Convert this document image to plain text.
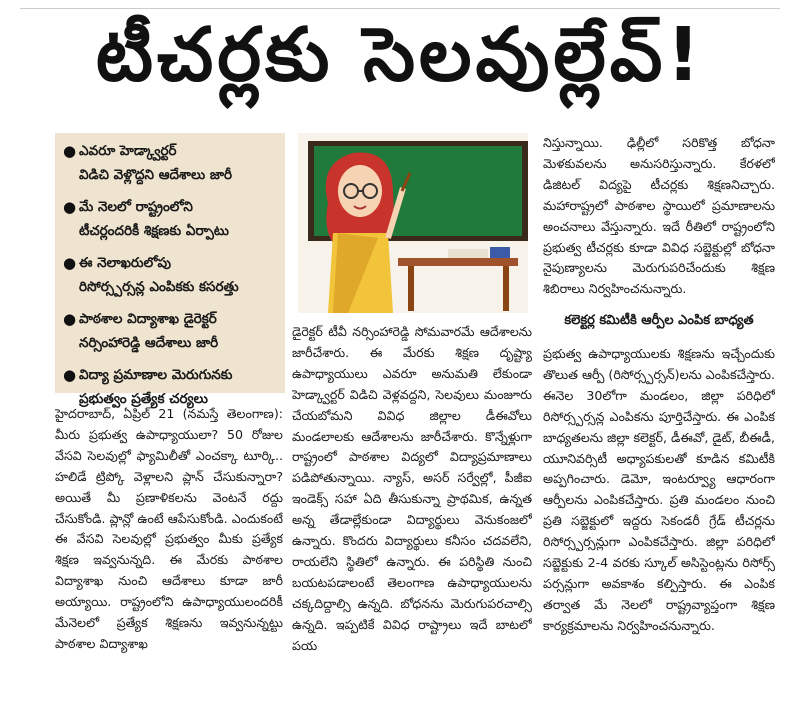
టీచర్లకు సెలవుల్లేవ్!
● ఎవరూ హెడ్క్వార్టర్
విడిచి వెళ్లొద్దని ఆదేశాలు జారీ
● మే నెలలో రాష్ట్రంలోని
టీచర్లందరికీ శిక్షణకు ఏర్పాటు
● ఈ నెలాఖరులోపు
రిసోర్స్పర్సన్ల ఎంపికకు కసరత్తు
● పాఠశాల విద్యాశాఖ డైరెక్టర్
నర్సింహారెడ్డి ఆదేశాలు జారీ
● విద్యా ప్రమాణాల మెరుగునకు
ప్రభుత్వం ప్రత్యేక చర్యలు
హైదరాబాద్, ఏప్రిల్ 21 (నమస్తే తెలంగాణ): మీరు ప్రభుత్వ ఉపాధ్యాయులా? 50 రోజుల వేసవి సెలవుల్లో ఫ్యామిలీతో ఎంచక్కా టూర్కి.. హలిడే ట్రిప్కో వెళ్లాలని ప్లాన్ చేసుకున్నారా? అయితే మీ ప్రణాళికలను వెంటనే రద్దు చేసుకోండి. ప్లాన్లో ఉంటే ఆపేసుకోండి. ఎందుకంటే ఈ వేసవి సెలవుల్లో ప్రభుత్వం మీకు ప్రత్యేక శిక్షణ ఇవ్వనున్నది. ఈ మేరకు పాఠశాల విద్యాశాఖ నుంచి ఆదేశాలు కూడా జారీ అయ్యాయి. రాష్ట్రంలోని ఉపాధ్యాయులందరికీ మేనెలలో ప్రత్యేక శిక్షణను ఇవ్వనున్నట్టు పాఠశాల విద్యాశాఖ
డైరెక్టర్ టీవీ నర్సింహారెడ్డి సోమవారమే ఆదేశాలను జారీచేశారు. ఈ మేరకు శిక్షణ దృష్ట్యా ఉపాధ్యాయులు ఎవరూ అనుమతి లేకుండా హెడ్క్వార్టర్ విడిచి వెళ్లవద్దని, సెలవులు మంజూరు చేయబోమని వివిధ జిల్లాల డీఈవోలు మండలాలకు ఆదేశాలను జారీచేశారు. కొన్నేళ్లుగా రాష్ట్రంలో పాఠశాల విద్యలో విద్యాప్రమాణాలు పడిపోతున్నాయి. న్యాస్, అసర్ సర్వేల్లో, పీజీఐ ఇండెక్స్ సహా ఏది తీసుకున్నా ప్రాథమిక, ఉన్నత అన్న తేడాల్లేకుండా విద్యార్థులు వెనుకంజలో ఉన్నారు. కొందరు విద్యార్థులు కనీసం చదవలేని, రాయలేని స్థితిలో ఉన్నారు. ఈ పరిస్థితి నుంచి బయటపడాలంటే తెలంగాణ ఉపాధ్యాయులను చక్కదిద్దాల్సి ఉన్నది. బోధనను మెరుగుపరచాల్సి ఉన్నది. ఇప్పటికే వివిధ రాష్ట్రాలు ఇదే బాటలో పయ
నిస్తున్నాయి. ఢిల్లీలో సరికొత్త బోధనా మెళకువలను అనుసరిస్తున్నారు. కేరళలో డిజిటల్ విద్యపై టీచర్లకు శిక్షణనిచ్చారు. మహారాష్ట్రలో పాఠశాల స్థాయిలో ప్రమాణాలను అంచనాలు వేస్తున్నారు. ఇదే రీతిలో రాష్ట్రంలోని ప్రభుత్వ టీచర్లకు కూడా వివిధ సబ్జెక్టుల్లో బోధనా నైపుణ్యాలను మెరుగుపరిచేందుకు శిక్షణ శిబిరాలు నిర్వహించనున్నారు.
కలెక్టర్ల కమిటీకి ఆర్పీల ఎంపిక బాధ్యత
ప్రభుత్వ ఉపాధ్యాయులకు శిక్షణను ఇచ్చేందుకు తొలుత ఆర్పీ (రిసోర్స్పర్సన్)లను ఎంపికచేస్తారు. ఈనెల 30లోగా మండలం, జిల్లా పరిధిలో రిసోర్స్పర్సన్ల ఎంపికను పూర్తిచేస్తారు. ఈ ఎంపిక బాధ్యతలను జిల్లా కలెక్టర్, డీఈవో, డైట్, బీఈడీ, యూనివర్సిటీ అధ్యాపకులతో కూడిన కమిటీకి అప్పగించారు. డెమో, ఇంటర్వ్యూ ఆధారంగా ఆర్పీలను ఎంపికచేస్తారు. ప్రతి మండలం నుంచి ప్రతి సబ్జెక్టులో ఇద్దరు సెకండరీ గ్రేడ్ టీచర్లను రిసోర్స్పర్సన్లుగా ఎంపికచేస్తారు. జిల్లా పరిధిలో సబ్జెక్టుకు 2-4 వరకు స్కూల్ అసిస్టెంట్లను రిసోర్స్ పర్సన్లుగా అవకాశం కల్పిస్తారు. ఈ ఎంపిక తర్వాత మే నెలలో రాష్ట్రవ్యాప్తంగా శిక్షణ కార్యక్రమాలను నిర్వహించనున్నారు.
